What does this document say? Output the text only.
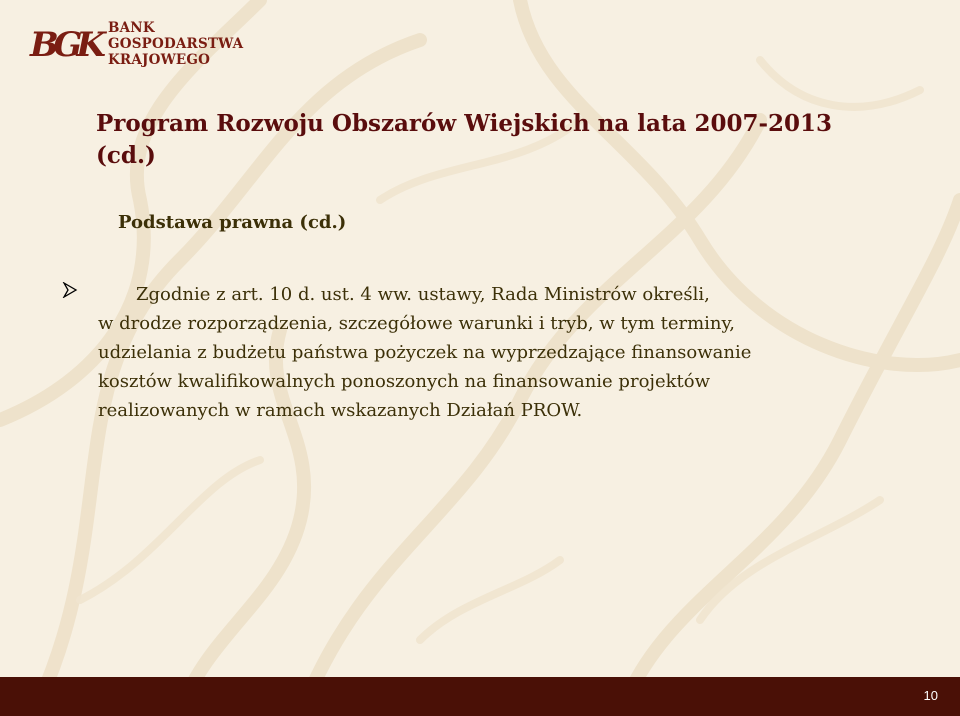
BGK BANK
GOSPODARSTWA
KRAJOWEGO
Program Rozwoju Obszarów Wiejskich na lata 2007-2013 (cd.)
Podstawa prawna (cd.)
Zgodnie z art. 10 d. ust. 4 ww. ustawy, Rada Ministrów określi,
w drodze rozporządzenia, szczegółowe warunki i tryb, w tym terminy,
udzielania z budżetu państwa pożyczek na wyprzedzające finansowanie
kosztów kwalifikowalnych ponoszonych na finansowanie projektów
realizowanych w ramach wskazanych Działań PROW.
10
